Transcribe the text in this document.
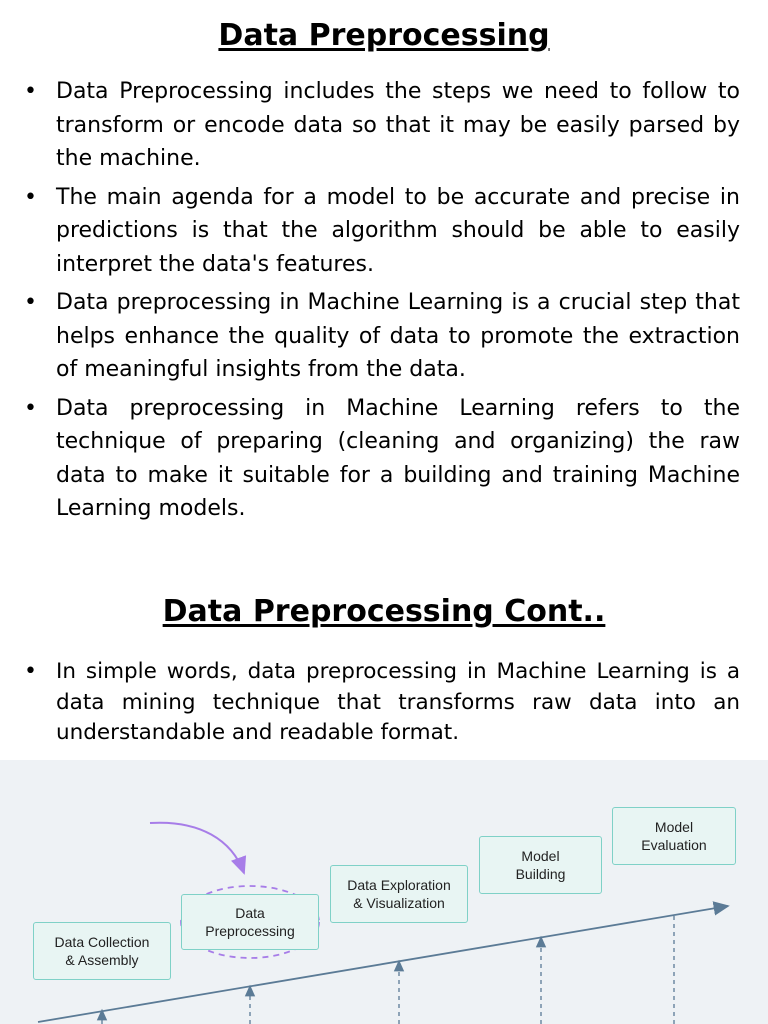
Data Preprocessing
• Data Preprocessing includes the steps we need to follow to transform or encode data so that it may be easily parsed by the machine.
• The main agenda for a model to be accurate and precise in predictions is that the algorithm should be able to easily interpret the data's features.
• Data preprocessing in Machine Learning is a crucial step that helps enhance the quality of data to promote the extraction of meaningful insights from the data.
• Data preprocessing in Machine Learning refers to the technique of preparing (cleaning and organizing) the raw data to make it suitable for a building and training Machine Learning models.
Data Preprocessing Cont..
• In simple words, data preprocessing in Machine Learning is a data mining technique that transforms raw data into an understandable and readable format.
Data Collection
& Assembly
Data
Preprocessing
Data Exploration
& Visualization
Model
Building
Model
Evaluation
